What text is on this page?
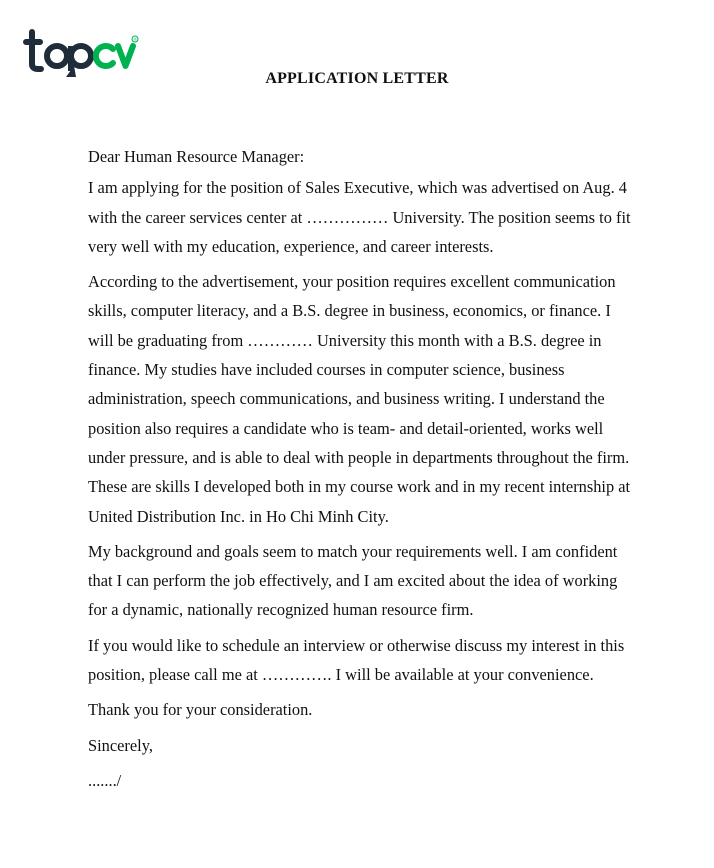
®
APPLICATION LETTER

Dear Human Resource Manager:

I am applying for the position of Sales Executive, which was advertised on Aug. 4
with the career services center at …………… University. The position seems to fit
very well with my education, experience, and career interests.

According to the advertisement, your position requires excellent communication
skills, computer literacy, and a B.S. degree in business, economics, or finance. I
will be graduating from ………… University this month with a B.S. degree in
finance. My studies have included courses in computer science, business
administration, speech communications, and business writing. I understand the
position also requires a candidate who is team- and detail-oriented, works well
under pressure, and is able to deal with people in departments throughout the firm.
These are skills I developed both in my course work and in my recent internship at
United Distribution Inc. in Ho Chi Minh City.

My background and goals seem to match your requirements well. I am confident
that I can perform the job effectively, and I am excited about the idea of working
for a dynamic, nationally recognized human resource firm.

If you would like to schedule an interview or otherwise discuss my interest in this
position, please call me at …………. I will be available at your convenience.

Thank you for your consideration.

Sincerely,

......./
